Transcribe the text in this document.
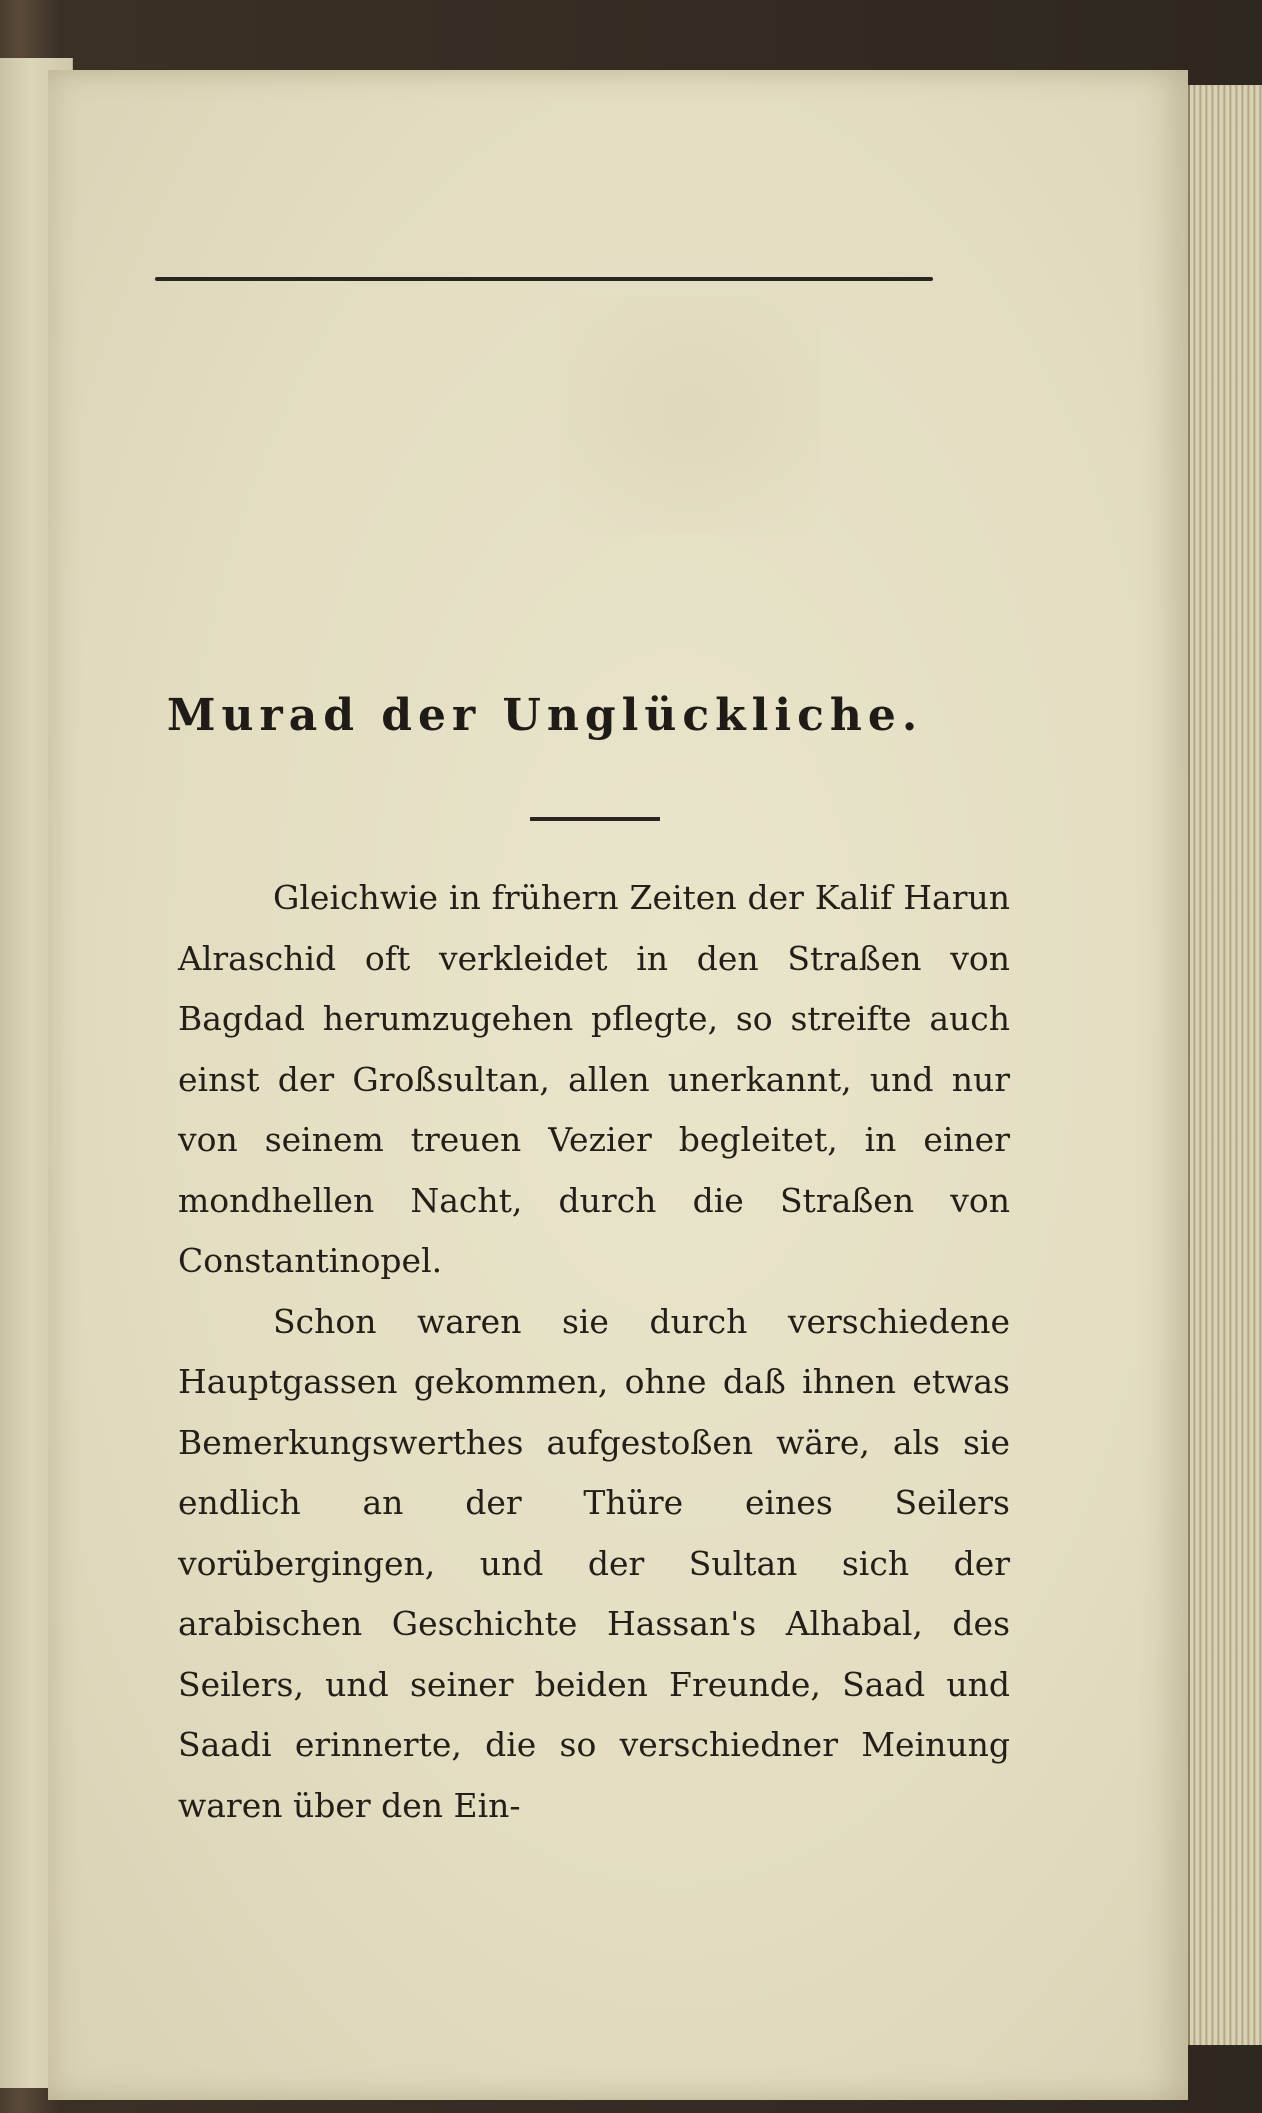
Murad der Unglückliche.

Gleichwie in frühern Zeiten der Kalif Harun Alraschid oft verkleidet in den Straßen von Bagdad herumzugehen pflegte, so streifte auch einst der Großsultan, allen unerkannt, und nur von seinem treuen Vezier begleitet, in einer mondhellen Nacht, durch die Straßen von Constantinopel.

Schon waren sie durch verschiedene Hauptgassen gekommen, ohne daß ihnen etwas Bemerkungswerthes aufgestoßen wäre, als sie endlich an der Thüre eines Seilers vorübergingen, und der Sultan sich der arabischen Geschichte Hassan's Alhabal, des Seilers, und seiner beiden Freunde, Saad und Saadi erinnerte, die so verschiedner Meinung waren über den Ein-
